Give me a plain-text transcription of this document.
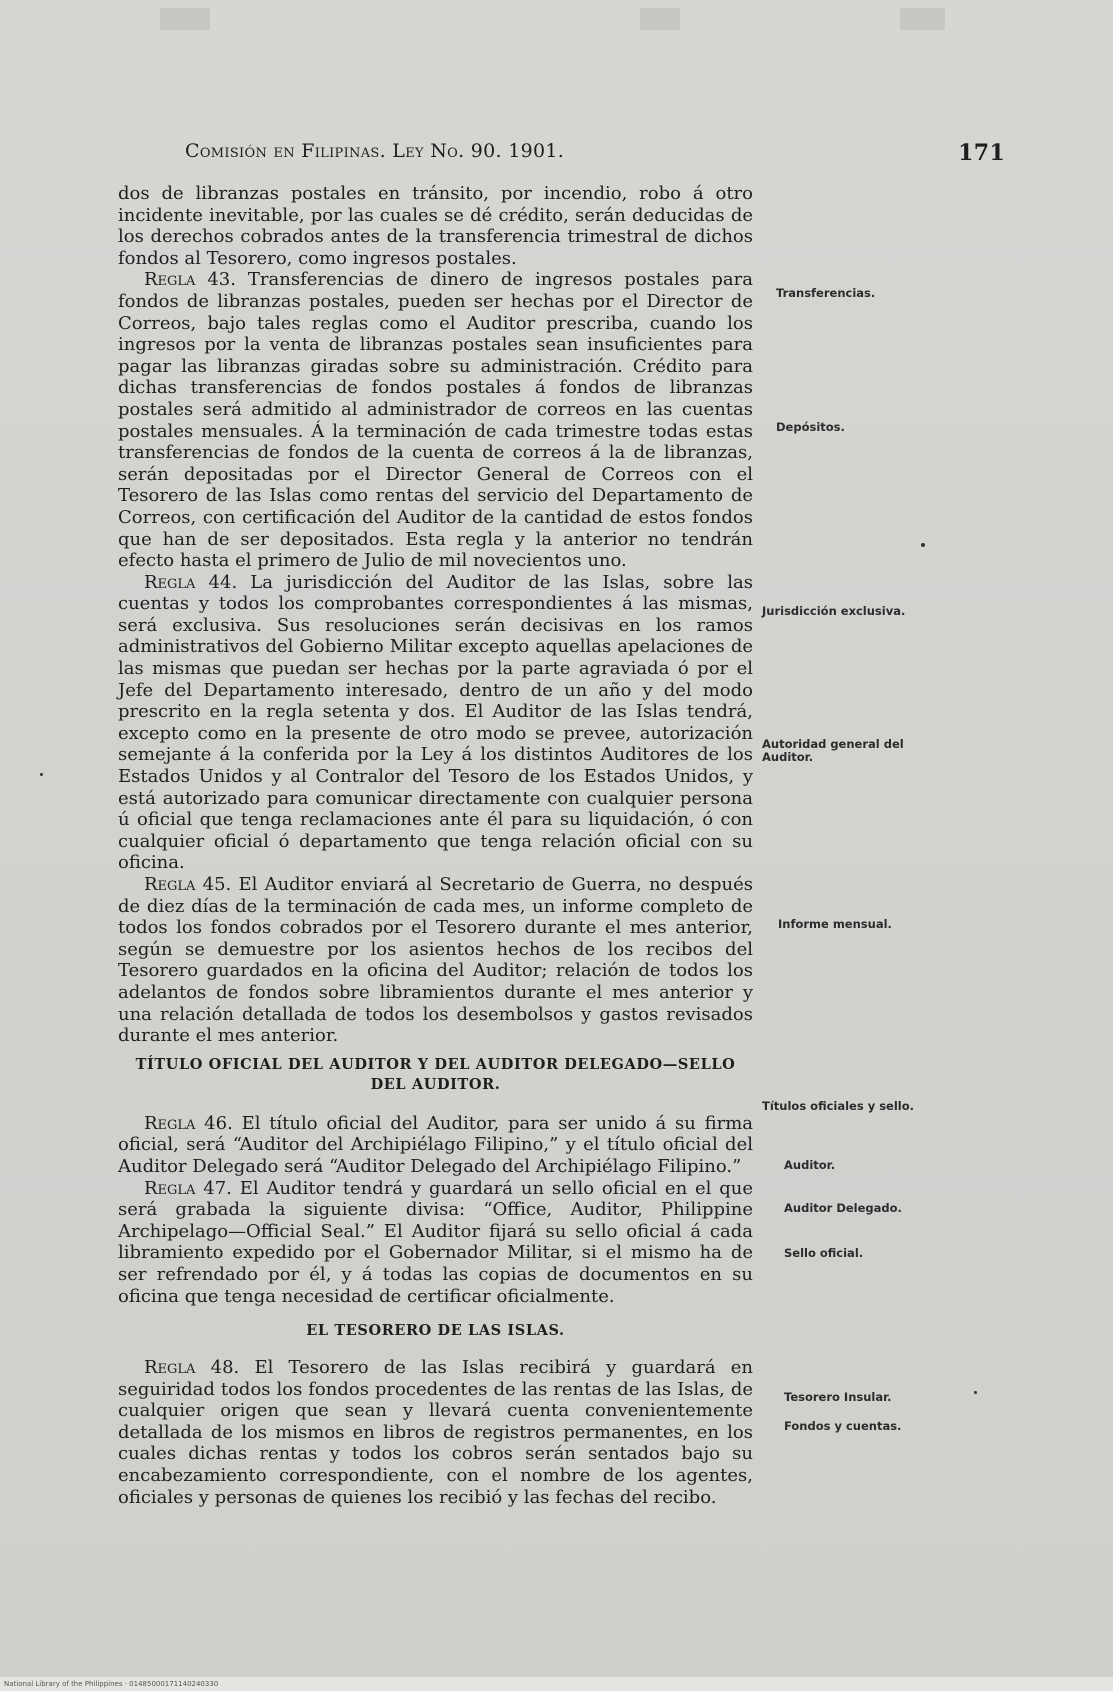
Comisión en Filipinas. Ley No. 90. 1901.	171

dos de libranzas postales en tránsito, por incendio, robo á otro incidente inevitable, por las cuales se dé crédito, serán deducidas de los derechos cobrados antes de la transferencia trimestral de dichos fondos al Tesorero, como ingresos postales.

Regla 43. Transferencias de dinero de ingresos postales para fondos de libranzas postales, pueden ser hechas por el Director de Correos, bajo tales reglas como el Auditor prescriba, cuando los ingresos por la venta de libranzas postales sean insuficientes para pagar las libranzas giradas sobre su administración. Crédito para dichas transferencias de fondos postales á fondos de libranzas postales será admitido al administrador de correos en las cuentas postales mensuales. Á la terminación de cada trimestre todas estas transferencias de fondos de la cuenta de correos á la de libranzas, serán depositadas por el Director General de Correos con el Tesorero de las Islas como rentas del servicio del Departamento de Correos, con certificación del Auditor de la cantidad de estos fondos que han de ser depositados. Esta regla y la anterior no tendrán efecto hasta el primero de Julio de mil novecientos uno.

Regla 44. La jurisdicción del Auditor de las Islas, sobre las cuentas y todos los comprobantes correspondientes á las mismas, será exclusiva. Sus resoluciones serán decisivas en los ramos administrativos del Gobierno Militar excepto aquellas apelaciones de las mismas que puedan ser hechas por la parte agraviada ó por el Jefe del Departamento interesado, dentro de un año y del modo prescrito en la regla setenta y dos. El Auditor de las Islas tendrá, excepto como en la presente de otro modo se prevee, autorización semejante á la conferida por la Ley á los distintos Auditores de los Estados Unidos y al Contralor del Tesoro de los Estados Unidos, y está autorizado para comunicar directamente con cualquier persona ú oficial que tenga reclamaciones ante él para su liquidación, ó con cualquier oficial ó departamento que tenga relación oficial con su oficina.

Regla 45. El Auditor enviará al Secretario de Guerra, no después de diez días de la terminación de cada mes, un informe completo de todos los fondos cobrados por el Tesorero durante el mes anterior, según se demuestre por los asientos hechos de los recibos del Tesorero guardados en la oficina del Auditor; relación de todos los adelantos de fondos sobre libramientos durante el mes anterior y una relación detallada de todos los desembolsos y gastos revisados durante el mes anterior.

TÍTULO OFICIAL DEL AUDITOR Y DEL AUDITOR DELEGADO—SELLO DEL AUDITOR.

Regla 46. El título oficial del Auditor, para ser unido á su firma oficial, será “Auditor del Archipiélago Filipino,” y el título oficial del Auditor Delegado será “Auditor Delegado del Archipiélago Filipino.”

Regla 47. El Auditor tendrá y guardará un sello oficial en el que será grabada la siguiente divisa: “Office, Auditor, Philippine Archipelago—Official Seal.” El Auditor fijará su sello oficial á cada libramiento expedido por el Gobernador Militar, si el mismo ha de ser refrendado por él, y á todas las copias de documentos en su oficina que tenga necesidad de certificar oficialmente.

EL TESORERO DE LAS ISLAS.

Regla 48. El Tesorero de las Islas recibirá y guardará en seguiridad todos los fondos procedentes de las rentas de las Islas, de cualquier origen que sean y llevará cuenta convenientemente detallada de los mismos en libros de registros permanentes, en los cuales dichas rentas y todos los cobros serán sentados bajo su encabezamiento correspondiente, con el nombre de los agentes, oficiales y personas de quienes los recibió y las fechas del recibo.

Transferencias.
Depósitos.
Jurisdicción exclusiva.
Autoridad general del Auditor.
Informe mensual.
Títulos oficiales y sello.
Auditor.
Auditor Delegado.
Sello oficial.
Tesorero Insular.
Fondos y cuentas.
National Library of the Philippines · 01485000171140240330
